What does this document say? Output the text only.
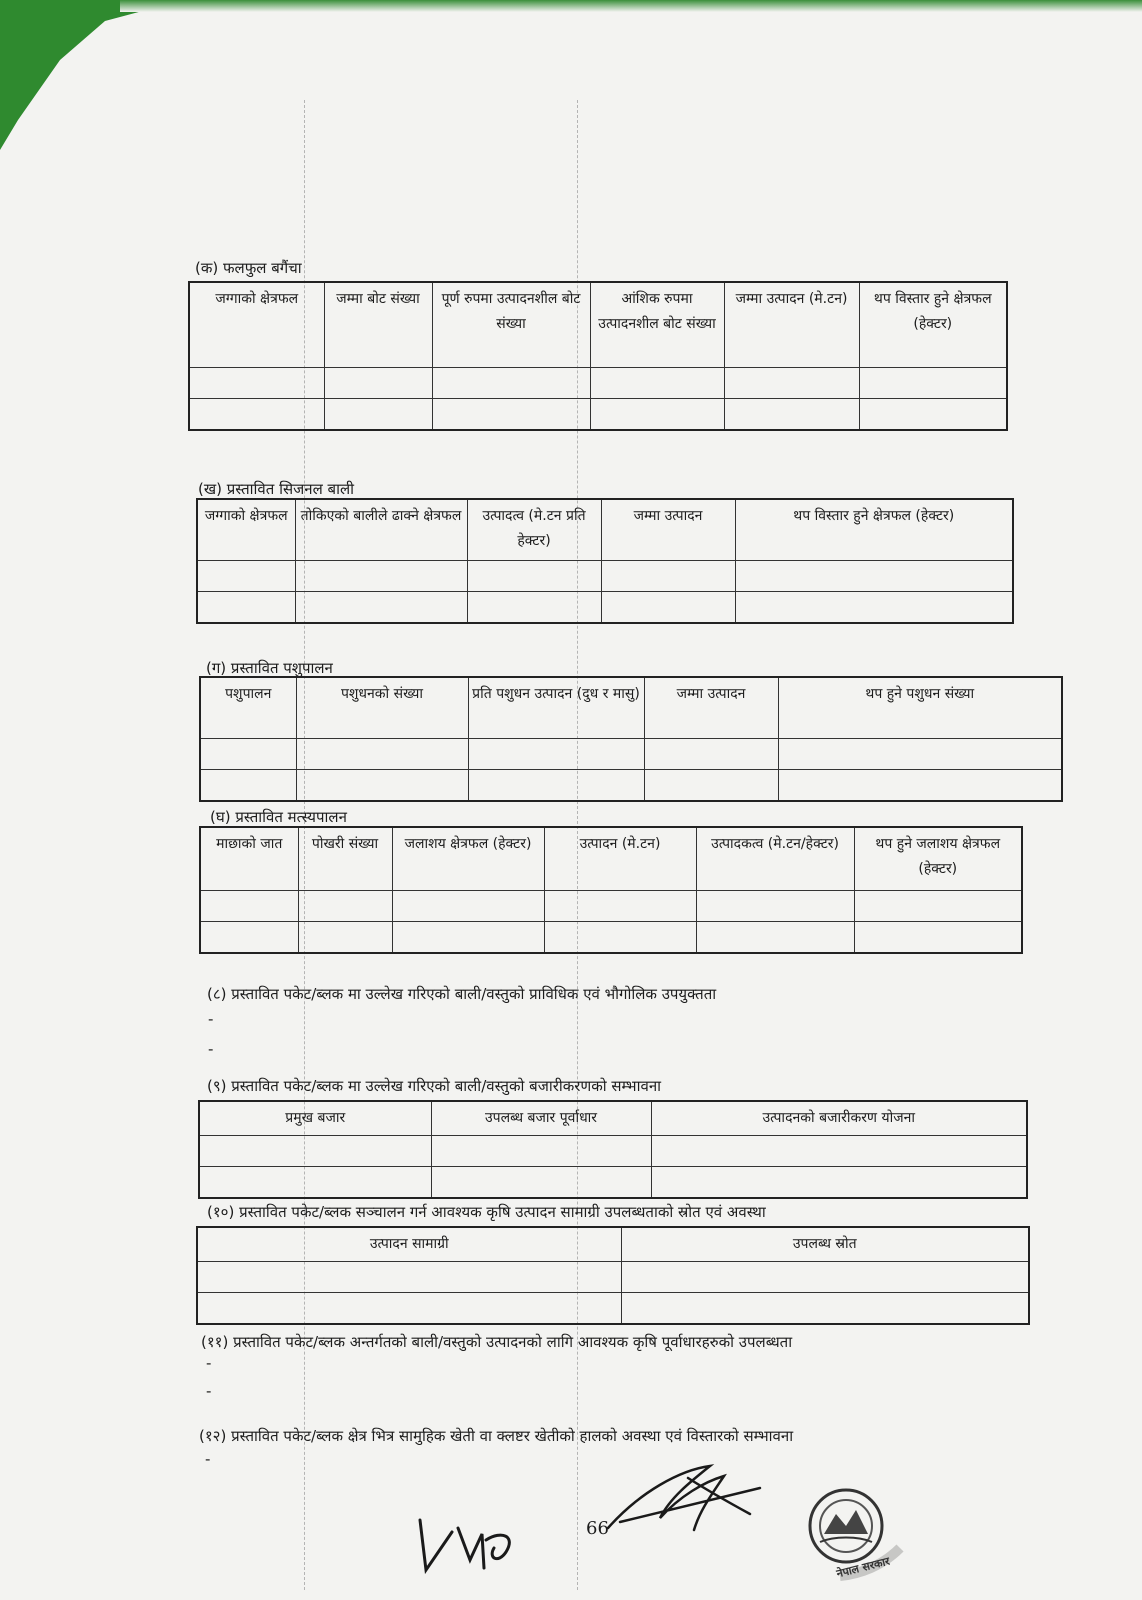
(क) फलफुल बगैंचा
जग्गाको क्षेत्रफल	जम्मा बोट संख्या	पूर्ण रुपमा उत्पादनशील बोट संख्या	आंशिक रुपमा उत्पादनशील बोट संख्या	जम्मा उत्पादन (मे.टन)	थप विस्तार हुने क्षेत्रफल (हेक्टर)

(ख) प्रस्तावित सिजनल बाली
जग्गाको क्षेत्रफल	तोकिएको बालीले ढाक्ने क्षेत्रफल	उत्पादत्व (मे.टन प्रति हेक्टर)	जम्मा उत्पादन	थप विस्तार हुने क्षेत्रफल (हेक्टर)

(ग) प्रस्तावित पशुपालन
पशुपालन	पशुधनको संख्या	प्रति पशुधन उत्पादन (दुध र मासु)	जम्मा उत्पादन	थप हुने पशुधन संख्या

(घ) प्रस्तावित मत्स्यपालन
माछाको जात	पोखरी संख्या	जलाशय क्षेत्रफल (हेक्टर)	उत्पादन (मे.टन)	उत्पादकत्व (मे.टन/हेक्टर)	थप हुने जलाशय क्षेत्रफल (हेक्टर)

(८) प्रस्तावित पकेट/ब्लक मा उल्लेख गरिएको बाली/वस्तुको प्राविधिक एवं भौगोलिक उपयुक्तता
-
-
(९) प्रस्तावित पकेट/ब्लक मा उल्लेख गरिएको बाली/वस्तुको बजारीकरणको सम्भावना
प्रमुख बजार	उपलब्ध बजार पूर्वाधार	उत्पादनको बजारीकरण योजना

(१०) प्रस्तावित पकेट/ब्लक सञ्चालन गर्न आवश्यक कृषि उत्पादन सामाग्री उपलब्धताको स्रोत एवं अवस्था
उत्पादन सामाग्री	उपलब्ध स्रोत

(११) प्रस्तावित पकेट/ब्लक अन्तर्गतको बाली/वस्तुको उत्पादनको लागि आवश्यक कृषि पूर्वाधारहरुको उपलब्धता
-
-
(१२) प्रस्तावित पकेट/ब्लक क्षेत्र भित्र सामुहिक खेती वा क्लष्टर खेतीको हालको अवस्था एवं विस्तारको सम्भावना
-
66
नेपाल सरकार
